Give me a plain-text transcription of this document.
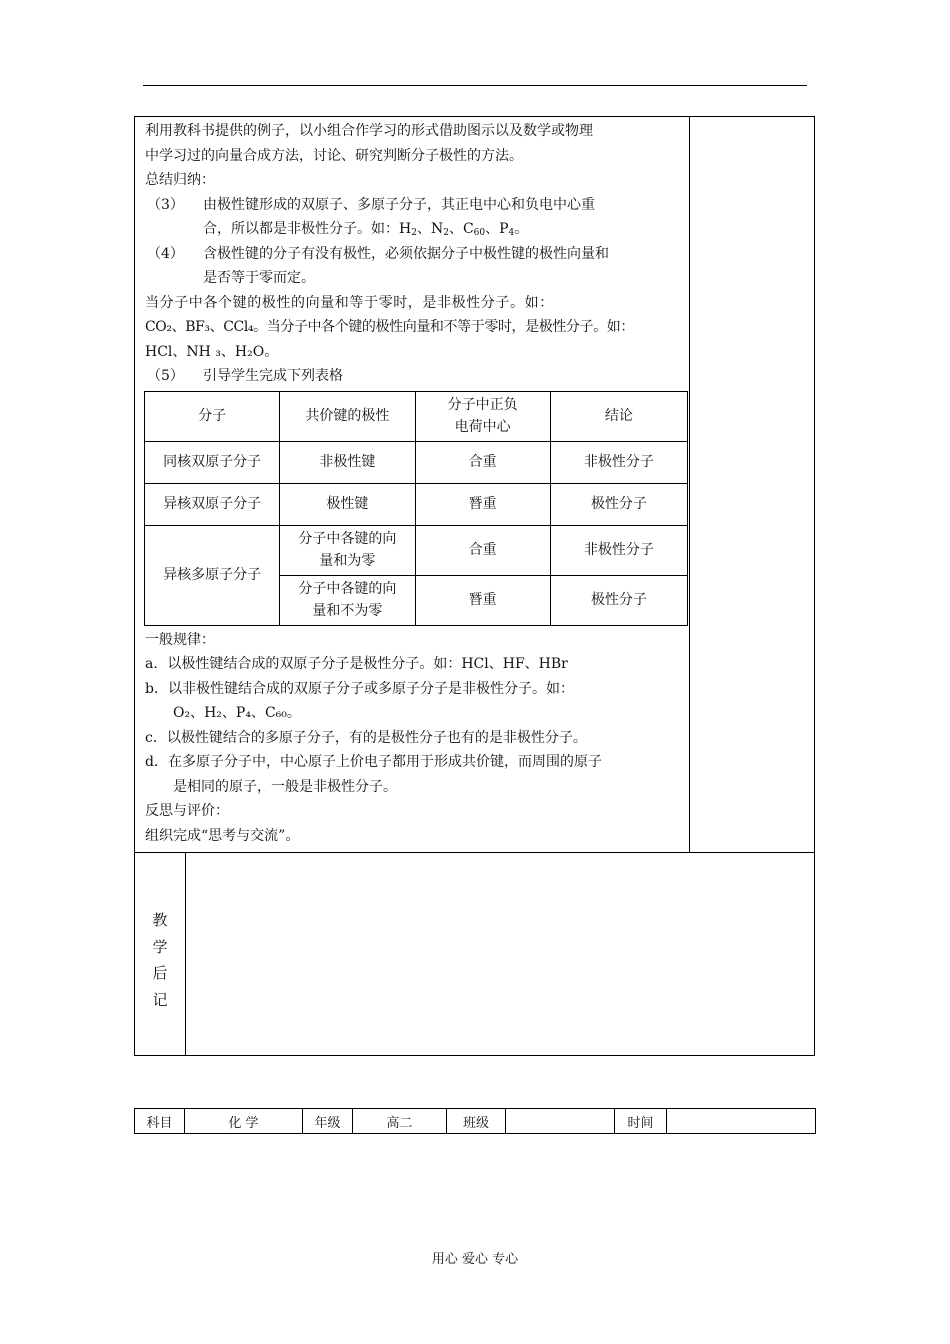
利用教科书提供的例子，以小组合作学习的形式借助图示以及数学或物理

中学习过的向量合成方法，讨论、研究判断分子极性的方法。

总结归纳：

（3） 由极性键形成的双原子、多原子分子，其正电中心和负电中心重

合，所以都是非极性分子。如：$H_2$、$N_2$、$C_{60}$、$P_4$。

（4） 含极性键的分子有没有极性，必须依据分子中极性键的极性向量和

是否等于零而定。

当分子中各个键的极性的向量和等于零时，是非极性分子。如：

CO₂、BF₃、CCl₄。当分子中各个键的极性向量和不等于零时，是极性分子。如：

HCl、NH ₃、H₂O。

（5） 引导学生完成下列表格

分子	共价键的极性	分子中正负
电荷中心	结论
同核双原子分子	非极性键	合重	非极性分子
异核双原子分子	极性键	朁重	极性分子
异核多原子分子	分子中各键的向
量和为零	合重	非极性分子
	分子中各键的向
量和不为零	朁重	极性分子

一般规律：

a．以极性键结合成的双原子分子是极性分子。如：HCl、HF、HBr

b．以非极性键结合成的双原子分子或多原子分子是非极性分子。如：

O₂、H₂、P₄、C₆₀。

c．以极性键结合的多原子分子，有的是极性分子也有的是非极性分子。

d．在多原子分子中，中心原子上价电子都用于形成共价键，而周围的原子

是相同的原子，一般是非极性分子。

反思与评价：

组织完成“思考与交流”。

教
学
后
记
科目	化 学	年级	高二	班级		时间	
用心 爱心 专心
